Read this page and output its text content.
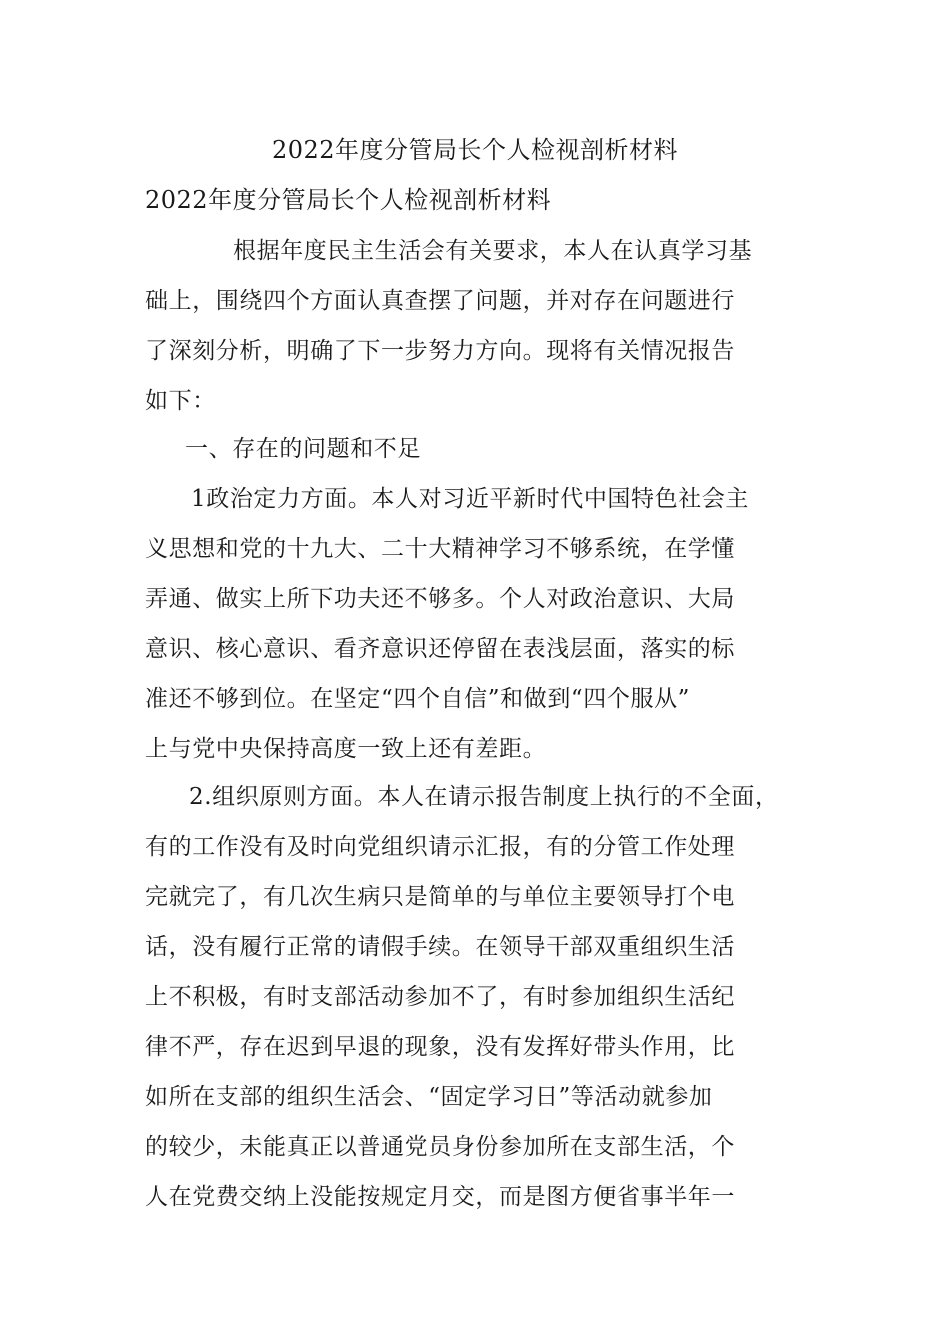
2022年度分管局长个人检视剖析材料
2022年度分管局长个人检视剖析材料
根据年度民主生活会有关要求，本人在认真学习基
础上，围绕四个方面认真查摆了问题，并对存在问题进行
了深刻分析，明确了下一步努力方向。现将有关情况报告
如下：
一、存在的问题和不足
1政治定力方面。本人对习近平新时代中国特色社会主
义思想和党的十九大、二十大精神学习不够系统，在学懂
弄通、做实上所下功夫还不够多。个人对政治意识、大局
意识、核心意识、看齐意识还停留在表浅层面，落实的标
准还不够到位。在坚定“四个自信”和做到“四个服从”
上与党中央保持高度一致上还有差距。
2.组织原则方面。本人在请示报告制度上执行的不全面，
有的工作没有及时向党组织请示汇报，有的分管工作处理
完就完了，有几次生病只是简单的与单位主要领导打个电
话，没有履行正常的请假手续。在领导干部双重组织生活
上不积极，有时支部活动参加不了，有时参加组织生活纪
律不严，存在迟到早退的现象，没有发挥好带头作用，比
如所在支部的组织生活会、“固定学习日”等活动就参加
的较少，未能真正以普通党员身份参加所在支部生活，个
人在党费交纳上没能按规定月交，而是图方便省事半年一
